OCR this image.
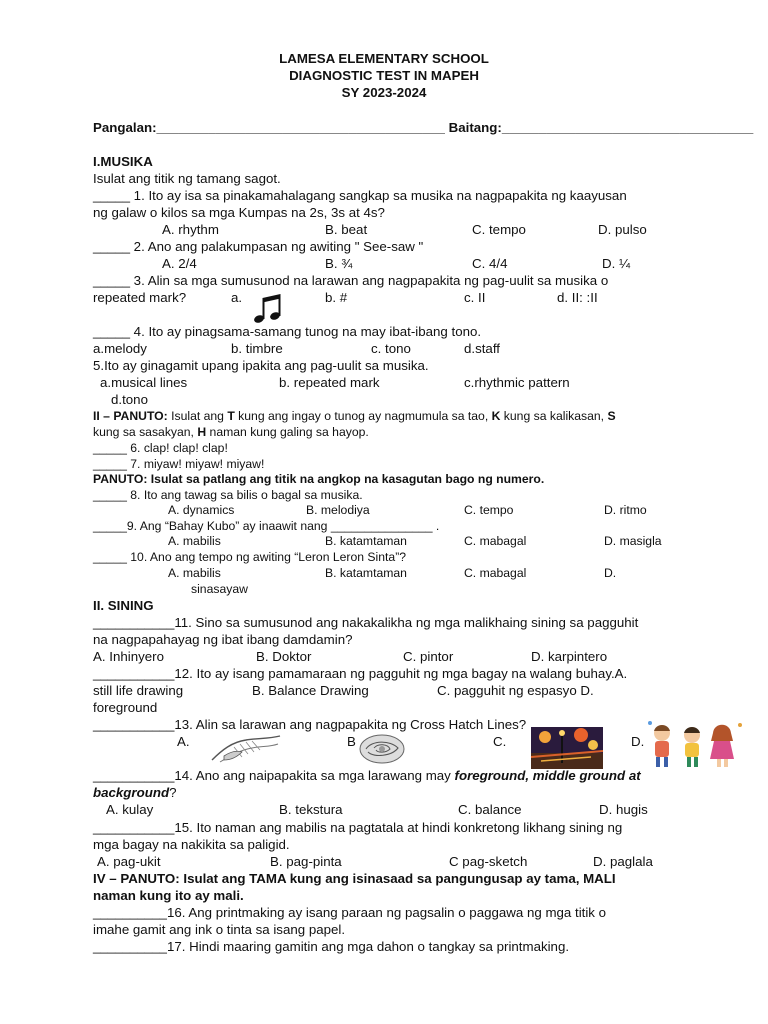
LAMESA ELEMENTARY SCHOOL
DIAGNOSTIC TEST IN MAPEH
SY 2023-2024
Pangalan:_______________________________________ Baitang:__________________________________
I.MUSIKA
Isulat ang titik ng tamang sagot.
_____ 1. Ito ay isa sa pinakamahalagang sangkap sa musika na nagpapakita ng kaayusan
ng galaw o kilos sa mga Kumpas na 2s, 3s at 4s?
A. rhythm	B. beat	C. tempo	D. pulso
_____ 2. Ano ang palakumpasan ng awiting " See-saw "
A. 2/4	B. ¾	C. 4/4	D. ¼
_____ 3. Alin sa mga sumusunod na larawan ang nagpapakita ng pag-uulit sa musika o
repeated mark?	a.	b. #	c. II	d. II: :II
_____ 4. Ito ay pinagsama-samang tunog na may ibat-ibang tono.
a.melody	b. timbre	c. tono	d.staff
5.Ito ay ginagamit upang ipakita ang pag-uulit sa musika.
a.musical lines	b. repeated mark	c.rhythmic pattern
d.tono
II – PANUTO: Isulat ang T kung ang ingay o tunog ay nagmumula sa tao, K kung sa kalikasan, S
kung sa sasakyan, H naman kung galing sa hayop.
_____ 6. clap! clap! clap!
_____ 7. miyaw! miyaw! miyaw!
PANUTO: Isulat sa patlang ang titik na angkop na kasagutan bago ng numero.
_____ 8. Ito ang tawag sa bilis o bagal sa musika.
A. dynamics	B. melodiya	C. tempo	D. ritmo
_____9. Ang “Bahay Kubo” ay inaawit nang _______________ .
A. mabilis	B. katamtaman	C. mabagal	D. masigla
_____ 10. Ano ang tempo ng awiting “Leron Leron Sinta”?
A. mabilis	B. katamtaman	C. mabagal	D.
sinasayaw
II. SINING
___________11. Sino sa sumusunod ang nakakalikha ng mga malikhaing sining sa pagguhit
na nagpapahayag ng ibat ibang damdamin?
A. Inhinyero	B. Doktor	C. pintor	D. karpintero
___________12. Ito ay isang pamamaraan ng pagguhit ng mga bagay na walang buhay.A.
still life drawing	B. Balance Drawing	C. pagguhit ng espasyo D.
foreground
___________13. Alin sa larawan ang nagpapakita ng Cross Hatch Lines?
A.	B	C.	D.
___________14. Ano ang naipapakita sa mga larawang may foreground, middle ground at
background?
A. kulay	B. tekstura	C. balance	D. hugis
___________15. Ito naman ang mabilis na pagtatala at hindi konkretong likhang sining ng
mga bagay na nakikita sa paligid.
A. pag-ukit	B. pag-pinta	C pag-sketch	D. paglala
IV – PANUTO: Isulat ang TAMA kung ang isinasaad sa pangungusap ay tama, MALI
naman kung ito ay mali.
__________16. Ang printmaking ay isang paraan ng pagsalin o paggawa ng mga titik o
imahe gamit ang ink o tinta sa isang papel.
__________17. Hindi maaring gamitin ang mga dahon o tangkay sa printmaking.
